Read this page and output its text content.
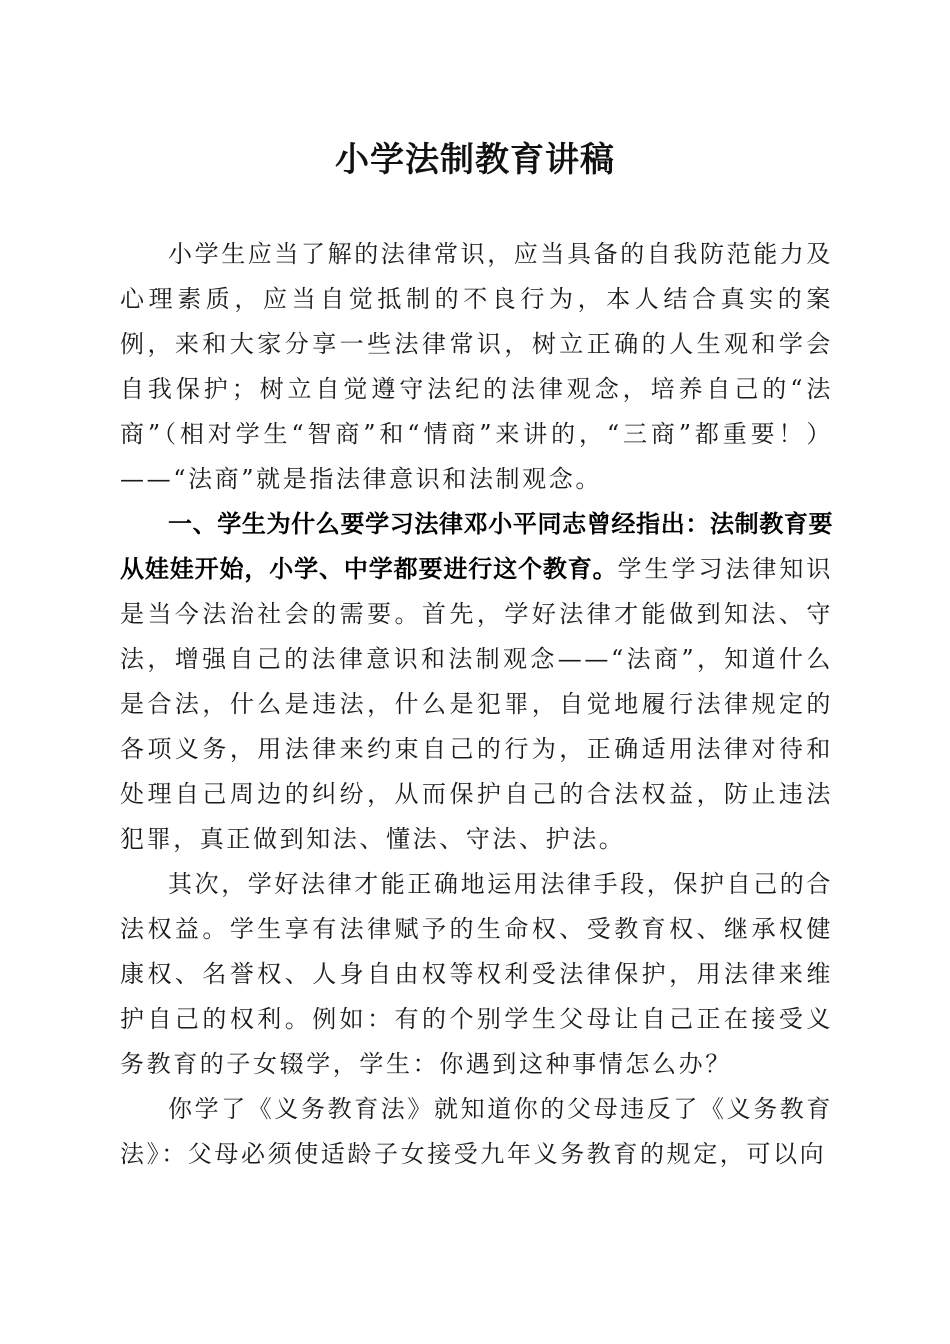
小学法制教育讲稿

小学生应当了解的法律常识，应当具备的自我防范能力及心理素质，应当自觉抵制的不良行为，本人结合真实的案例，来和大家分享一些法律常识，树立正确的人生观和学会自我保护；树立自觉遵守法纪的法律观念，培养自己的“法商”（相对学生“智商”和“情商”来讲的，“三商”都重要！）——“法商”就是指法律意识和法制观念。

一、学生为什么要学习法律邓小平同志曾经指出：法制教育要从娃娃开始，小学、中学都要进行这个教育。学生学习法律知识是当今法治社会的需要。首先，学好法律才能做到知法、守法，增强自己的法律意识和法制观念——“法商”，知道什么是合法，什么是违法，什么是犯罪，自觉地履行法律规定的各项义务，用法律来约束自己的行为，正确适用法律对待和处理自己周边的纠纷，从而保护自己的合法权益，防止违法犯罪，真正做到知法、懂法、守法、护法。

其次，学好法律才能正确地运用法律手段，保护自己的合法权益。学生享有法律赋予的生命权、受教育权、继承权健康权、名誉权、人身自由权等权利受法律保护，用法律来维护自己的权利。例如：有的个别学生父母让自己正在接受义务教育的子女辍学，学生：你遇到这种事情怎么办？

你学了《义务教育法》就知道你的父母违反了《义务教育法》：父母必须使适龄子女接受九年义务教育的规定，可以向
